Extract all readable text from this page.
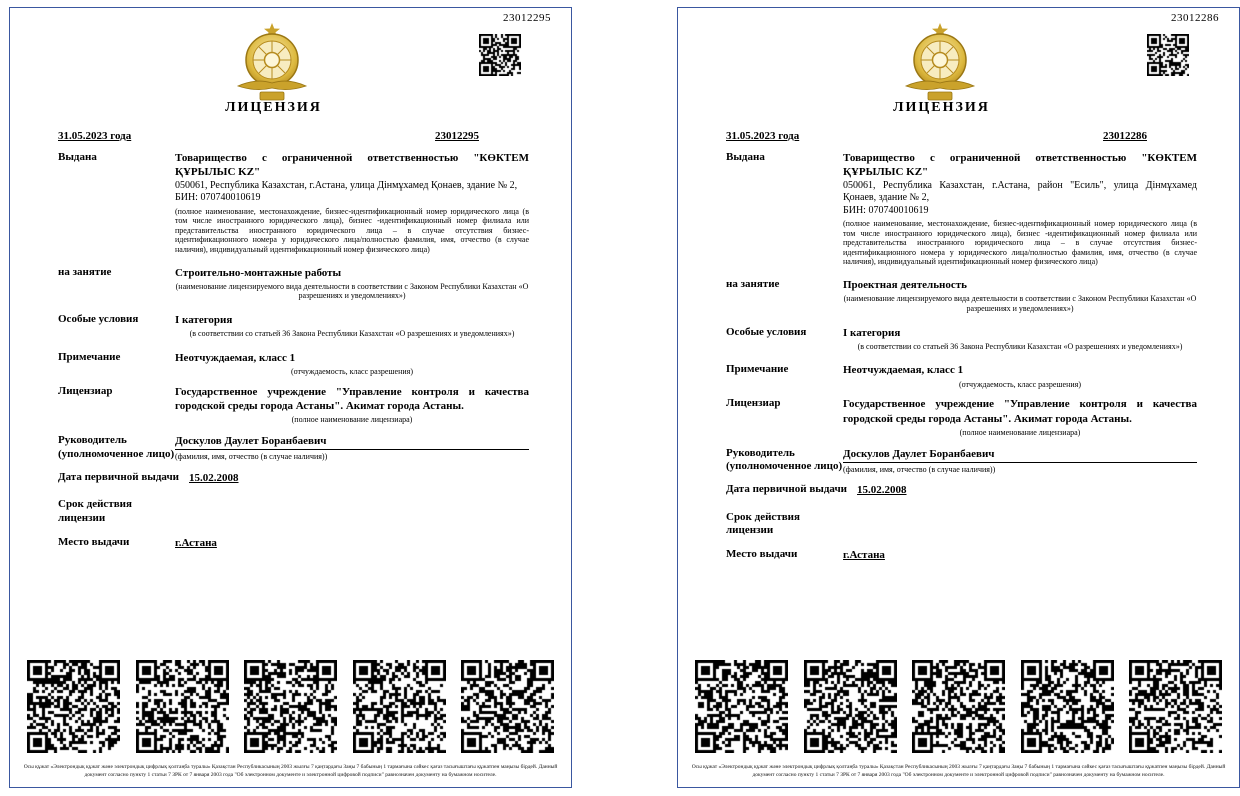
23012295
ЛИЦЕНЗИЯ
31.05.2023 года	23012295
Выдана	Товарищество с ограниченной ответственностью "КӨКТЕМ ҚҰРЫЛЫС KZ"
050061, Республика Казахстан, г.Астана, улица Дінмұхамед Қонаев, здание № 2,
БИН: 070740010619
(полное наименование, местонахождение, бизнес-идентификационный номер юридического лица (в том числе иностранного юридического лица), бизнес -идентификационный номер филиала или представительства иностранного юридического лица – в случае отсутствия бизнес-идентификационного номера у юридического лица/полностью фамилия, имя, отчество (в случае наличия), индивидуальный идентификационный номер физического лица)
на занятие	Строительно-монтажные работы
(наименование лицензируемого вида деятельности в соответствии с Законом Республики Казахстан «О разрешениях и уведомлениях»)
Особые условия	I категория
(в соответствии со статьей 36 Закона Республики Казахстан «О разрешениях и уведомлениях»)
Примечание	Неотчуждаемая, класс 1
(отчуждаемость, класс разрешения)
Лицензиар	Государственное учреждение "Управление контроля и качества городской среды города Астаны". Акимат города Астаны.
(полное наименование лицензиара)
Руководитель
(уполномоченное лицо)
Доскулов Даулет Боранбаевич
(фамилия, имя, отчество (в случае наличия))
Дата первичной выдачи 15.02.2008
Срок действия лицензии
Место выдачи	г.Астана
Осы құжат «Электрондық құжат және электрондық цифрлық қолтаңба туралы» Қазақстан Республикасының 2003 жылғы 7 қаңтардағы Заңы 7 бабының 1 тармағына сәйкес қағаз тасығыштағы құжатпен маңызы бірдей. Данный документ согласно пункту 1 статьи 7 ЗРК от 7 января 2003 года "Об электронном документе и электронной цифровой подписи" равнозначен документу на бумажном носителе.
23012286
ЛИЦЕНЗИЯ
31.05.2023 года	23012286
Выдана	Товарищество с ограниченной ответственностью "КӨКТЕМ ҚҰРЫЛЫС KZ"
050061, Республика Казахстан, г.Астана, район "Есиль", улица Дінмұхамед Қонаев, здание № 2,
БИН: 070740010619
(полное наименование, местонахождение, бизнес-идентификационный номер юридического лица (в том числе иностранного юридического лица), бизнес -идентификационный номер филиала или представительства иностранного юридического лица – в случае отсутствия бизнес-идентификационного номера у юридического лица/полностью фамилия, имя, отчество (в случае наличия), индивидуальный идентификационный номер физического лица)
на занятие	Проектная деятельность
(наименование лицензируемого вида деятельности в соответствии с Законом Республики Казахстан «О разрешениях и уведомлениях»)
Особые условия	I категория
(в соответствии со статьей 36 Закона Республики Казахстан «О разрешениях и уведомлениях»)
Примечание	Неотчуждаемая, класс 1
(отчуждаемость, класс разрешения)
Лицензиар	Государственное учреждение "Управление контроля и качества городской среды города Астаны". Акимат города Астаны.
(полное наименование лицензиара)
Руководитель
(уполномоченное лицо)
Доскулов Даулет Боранбаевич
(фамилия, имя, отчество (в случае наличия))
Дата первичной выдачи 15.02.2008
Срок действия лицензии
Место выдачи	г.Астана
Осы құжат «Электрондық құжат және электрондық цифрлық қолтаңба туралы» Қазақстан Республикасының 2003 жылғы 7 қаңтардағы Заңы 7 бабының 1 тармағына сәйкес қағаз тасығыштағы құжатпен маңызы бірдей. Данный документ согласно пункту 1 статьи 7 ЗРК от 7 января 2003 года "Об электронном документе и электронной цифровой подписи" равнозначен документу на бумажном носителе.
